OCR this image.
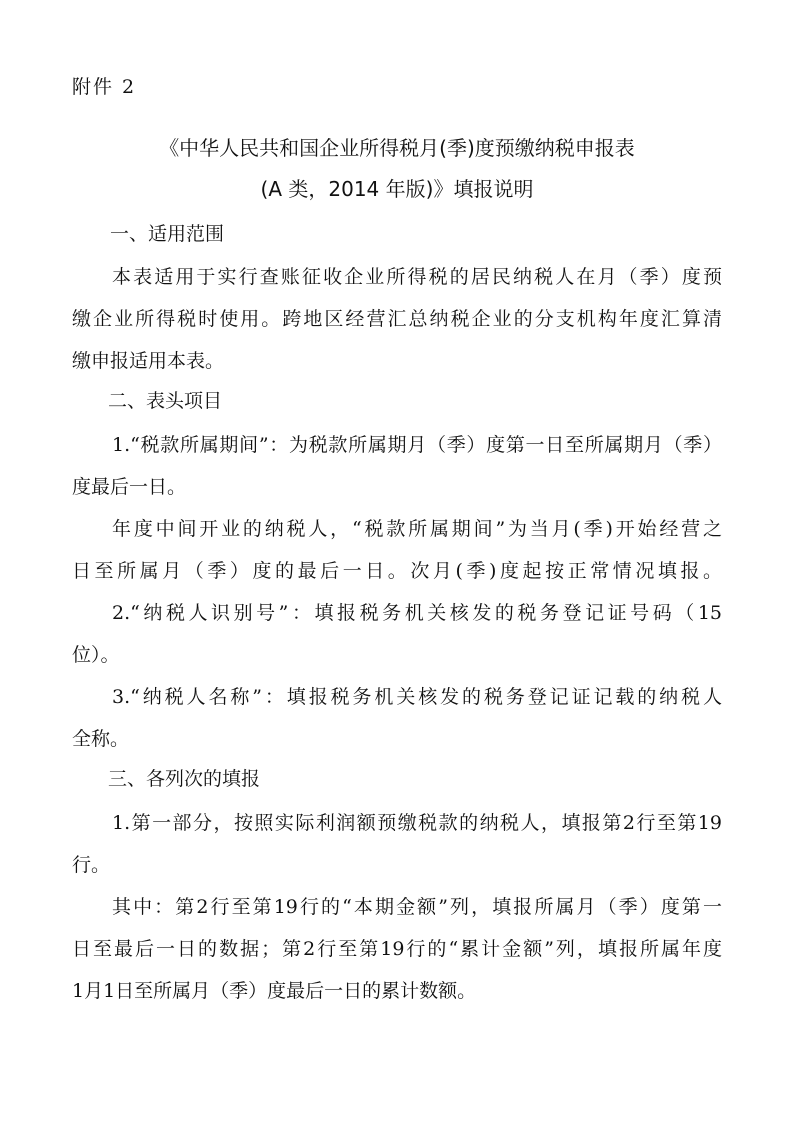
附件 2
《中华人民共和国企业所得税月(季)度预缴纳税申报表
(A 类，2014 年版)》填报说明
一、适用范围
本表适用于实行查账征收企业所得税的居民纳税人在月（季）度预
缴企业所得税时使用。跨地区经营汇总纳税企业的分支机构年度汇算清
缴申报适用本表。
二、表头项目
1.“税款所属期间”：为税款所属期月（季）度第一日至所属期月（季）
度最后一日。
年度中间开业的纳税人，“税款所属期间”为当月(季)开始经营之
日至所属月（季）度的最后一日。次月(季)度起按正常情况填报。
2.“纳税人识别号”：填报税务机关核发的税务登记证号码（15
位）。
3.“纳税人名称”：填报税务机关核发的税务登记证记载的纳税人
全称。
三、各列次的填报
1.第一部分，按照实际利润额预缴税款的纳税人，填报第2行至第19
行。
其中：第2行至第19行的“本期金额”列，填报所属月（季）度第一
日至最后一日的数据；第2行至第19行的“累计金额”列，填报所属年度
1月1日至所属月（季）度最后一日的累计数额。
